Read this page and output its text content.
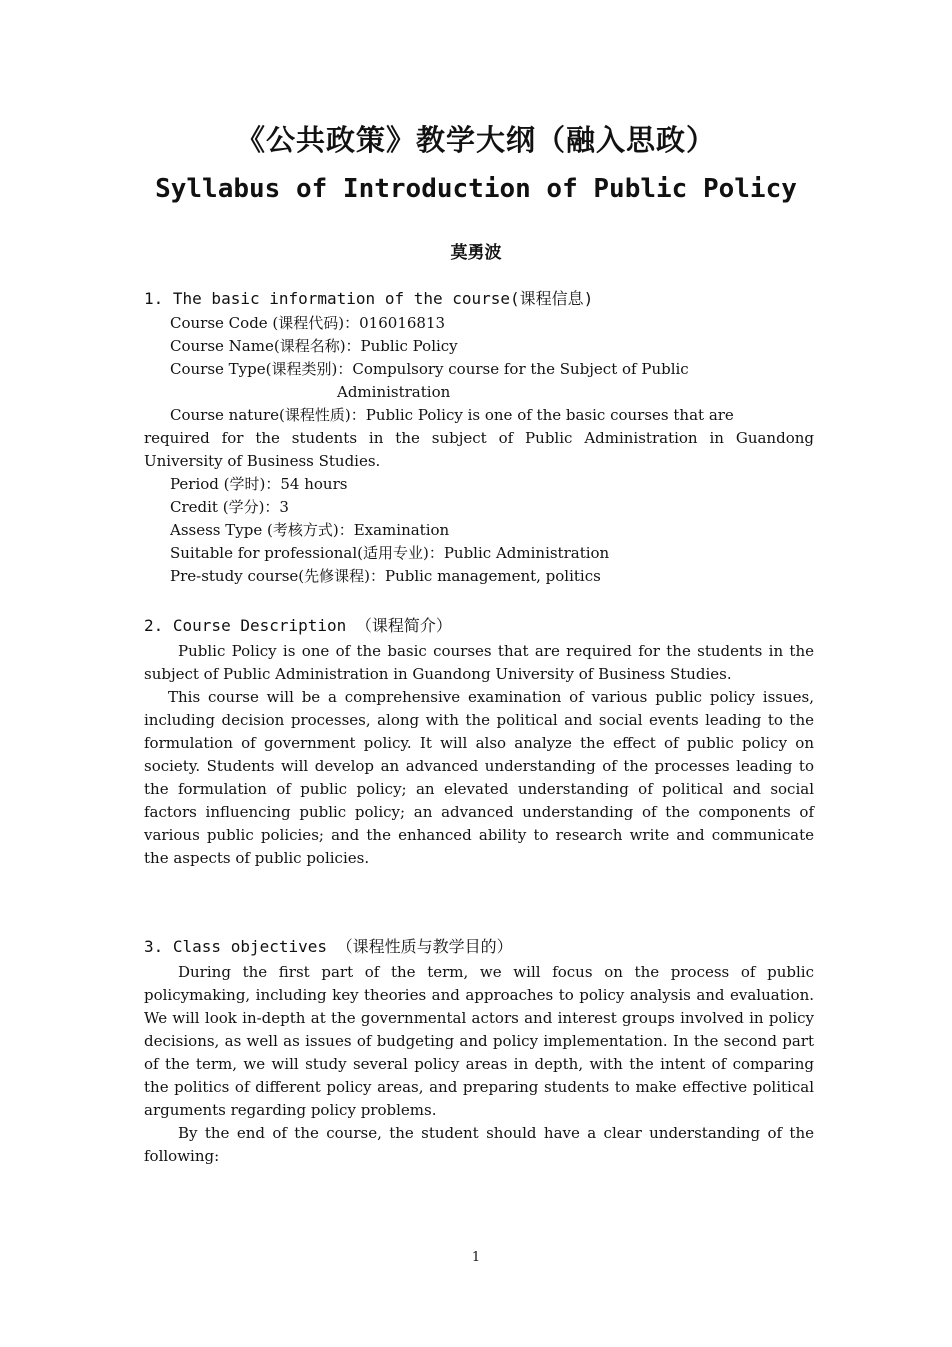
《公共政策》教学大纲（融入思政）
Syllabus of Introduction of Public Policy
莫勇波
1. The basic information of the course(课程信息)
Course Code (课程代码)：016016813
Course Name(课程名称)：Public Policy
Course Type(课程类别)：Compulsory course for the Subject of Public
Administration
Course nature(课程性质)：Public Policy is one of the basic courses that are
required for the students in the subject of Public Administration in Guandong University of Business Studies.
Period (学时)：54 hours
Credit (学分)：3
Assess Type (考核方式)：Examination
Suitable for professional(适用专业)：Public Administration
Pre-study course(先修课程)：Public management, politics
2. Course Description （课程简介）

Public Policy is one of the basic courses that are required for the students in the subject of Public Administration in Guandong University of Business Studies.

This course will be a comprehensive examination of various public policy issues, including decision processes, along with the political and social events leading to the formulation of government policy. It will also analyze the effect of public policy on society. Students will develop an advanced understanding of the processes leading to the formulation of public policy; an elevated understanding of political and social factors influencing public policy; an advanced understanding of the components of various public policies; and the enhanced ability to research write and communicate the aspects of public policies.

3. Class objectives （课程性质与教学目的）

During the first part of the term, we will focus on the process of public policymaking, including key theories and approaches to policy analysis and evaluation. We will look in-depth at the governmental actors and interest groups involved in policy decisions, as well as issues of budgeting and policy implementation. In the second part of the term, we will study several policy areas in depth, with the intent of comparing the politics of different policy areas, and preparing students to make effective political arguments regarding policy problems.

By the end of the course, the student should have a clear understanding of the following:

1
